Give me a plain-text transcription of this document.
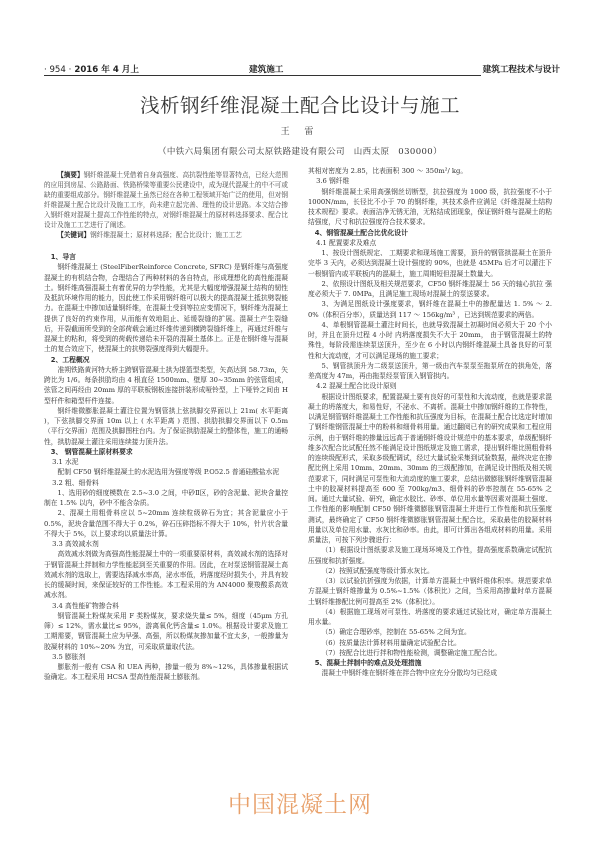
· 954 · 2016 年 4 月上	建筑施工	建筑工程技术与设计
浅析钢纤维混凝土配合比设计与施工
王 雷
（中铁六局集团有限公司太原铁路建设有限公司　山西太原　030000）

【摘要】钢纤维混凝土凭借着自身高强度、高抗裂性能等显著特点，已经大范围的应用到房屋、公路路面、铁路桥梁等重要公民建设中，成为现代混凝土的中不可或缺的重要组成部分。钢纤维混凝土虽然已经在各种工程领域开始广泛的使用，但对钢纤维混凝土配合比设计及施工工序，尚未建立起完善、理性的设计思路。本文结合掺入钢纤维对混凝土提高工作性能的特点，对钢纤维混凝土的原材料选择要求、配合比设计及施工工艺进行了阐述。
【关键词】钢纤维混凝土；原材料选择；配合比设计；施工工艺

1、导言

钢纤维混凝土 (SteelFiberReinforce Concrete, SFRC) 是钢纤维与高强度混凝土的有机结合物，合理结合了两种材料的各自特点，形成理想化的高性能混凝土。钢纤维高强混凝土有着优异的力学性能，尤其是大幅度增强混凝土结构的韧性及抵抗环境作用的能力，因此使工作采用钢纤维可以极大的提高混凝土抵抗劈裂能力。在混凝土中掺加适量钢纤维，在混凝土受到等拉应变情况下，钢纤维为混凝土提供了良好的约束作用，从而能有效地阻止、延缓裂缝的扩展。混凝土产生裂缝后，开裂截面所受到的全部荷载会通过纤维传递到横跨裂缝纤维上，再通过纤维与混凝土的粘和，将受到的荷载传递给未开裂的混凝土基体上。正是在钢纤维与混凝土的复合效应下，使混凝土的抗劈裂强度得到大幅提升。

2、工程概况

准朔铁路黄河特大桥主跨钢管混凝土拱为提篮型类型，矢高达到 58.73m，矢跨比为 1/6。每条拱肋均由 4 根直径 1500mm、壁厚 30~35mm 的弦管组成，弦管之间再经由 20mm 厚的平联板钢板连接拼装形成哑铃型，上下哑铃之间由 H 型杆件和箱型杆件连接。

钢纤维微膨胀混凝土灌注位置为钢管拱上弦拱脚交界面以上 21m( 水平距离 )，下弦拱脚交界面 10m 以上 ( 水平距离 ) 范围、拱肋拱脚交界面以下 0.5m（平行交界面）范围及拱脚图柱台内。为了保证拱肋混凝土的整体性，施工的通畅性，拱肋混凝土灌注采用连续接力顶升法。

3、 钢管混凝土原材料要求
3.1 水泥

配制 CF50 钢纤维混凝土的水泥选用为强度等级 P.O52.5 普通硅酸盐水泥

3.2 粗、细骨料

1、选用砂的细度模数在 2.5~3.0 之间，中砂Ⅱ区，砂的含泥量、泥块含量控制在 1.5% 以内，砂中不能含杂质。

2、混凝土用粗骨料应以 5~20mm 连续粒级碎石为宜；其含泥量应小于 0.5%，泥块含量范围不得大于 0.2%，碎石压碎指标不得大于 10%，针片状含量不得大于 5%，以上要求均以质量法计算。

3.3 高效减水剂

高效减水剂做为高强高性能混凝土中的一项重要原材料，高效减水剂的选择对于钢管混凝土拌制和力学性能起到至关重要的作用。因此，在对泵送钢管混凝土高效减水剂的选取上，需要选择减水率高，泌水率低，坍落度经时损失小，并具有较长的缓凝时间，来保证较好的工作性能。本工程采用的为 AN4000 聚羧酸系高效减水剂。

3.4 高性能矿物掺合料

钢管混凝土粉煤灰采用 F 类粉煤灰，要求烧失量≤ 5%，细度（45μm 方孔筛）≤ 12%，需水量比≤ 95%，游离氧化钙含量≤ 1.0%。根据设计要求及施工工期需要，钢管混凝土应为早强、高强，所以粉煤灰掺加量不宜太多，一般掺量为胶凝材料的 10%~20% 为宜，可采取质量取代法。

3.5 膨胀剂

膨胀剂一般有 CSA 和 UEA 两种，掺量一般为 8%~12%，具体掺量根据试验确定。本工程采用 HCSA 型高性能混凝土膨胀剂。

其相对密度为 2.85，比表面积 300 ～ 350m²/ kg。

3.6 钢纤维

钢纤维混凝土采用高强钢丝切断型，抗拉强度为 1000 级，抗拉强度不小于 1000N/mm，长径比不小于 70 的钢纤维，其技术条件应满足《纤维混凝土结构技术规程》要求。表面洁净无锈无油，无粘结成团现象，保证钢纤维与混凝土的粘结强度，尺寸和抗拉强度符合技术要求。

4、钢管混凝土配合比优化设计
4.1 配置要求及难点

1、按设计图纸规定、 工期要求和现场施工需要，顶升的钢管拱混凝土在顶升完毕 3 天内，必须达到混凝土设计强度的 90%，也就是 45MPa 后才可以灌注下一根钢管内或平联板内的混凝土，施工周期短但混凝土数量大。

2、依照设计图纸及相关规范要求，CF50 钢纤维混凝土 56 天的轴心抗拉 强度必须大于 7. 0MPa，且满足施工现场对混凝土的泵送要求。

3、为满足图纸设计强度要求，钢纤维在混凝土中的掺配量达 1. 5% ～ 2. 0%（体积百分率），质量达到 117 ～ 156kg/m³ ，已达到规范要求的两倍。

4、单根钢管混凝土灌注时间长，也就导致混凝土初凝时间必须大于 20 个小时，并且在顶升过程 4 小时 内坍落度损失不大于 20mm， 由于钢管混凝土的特殊性，每阶段需连续泵送顶升，至少在 6 小时以内钢纤维混凝土具备良好的可泵性和大流动度，才可以满足现场的施工要求；

5、钢管拱顶升为二级泵送顶升，第一级由汽车泵泵至拖泵所在的拱角处，落差高度为 47m，再由拖泵经泵管顶入钢管拱内。

4.2 混凝土配合比设计原则

根据设计图纸要求，配置混凝土要有良好的可泵性和大流动度，也就是要求混凝土的坍落度大，和易性好，不泌水、不离析。混凝土中掺加钢纤维的工作特性，以满足钢管钢纤维混凝土工作性能和抗压强度为目标，在混凝土配合比选定时增加了钢纤维钢管混凝土中的粉料和细骨料用量。通过翻阅已有的研究成果和工程应用示例，由于钢纤维的掺量远远高于普通钢纤维设计规范中的基本要求，单级配钢纤维多次配合比试配任然不能满足设计图纸规定及施工需求，提出钢纤维比照粗骨料的连续级配形式，采取多级配调试，经过大量试验采集到试验数据，最终决定在掺配比例上采用 10mm、20mm、30mm 的三级配掺加，在满足设计图纸及相关规范要求下，同时满足可泵性和大流动度的施工要求，总结出微膨胀钢纤维钢管混凝土中的胶凝材料提高至 600 至 700kg/m3、细骨料的砂率控制在 55-65% 之间。通过大量试验、研究，确定水胶比、砂率、单位用水量等因素对混凝土强度、工作性能的影响配制 CF50 钢纤维微膨胀钢管混凝土并进行工作性能和抗压强度测试，最终确定了 CF50 钢纤维微膨胀钢管混凝土配合比，采取最佳的胶凝材料用量以及单位用水量、水灰比和砂率。由此，即可计算出各组成材料的用量。采用质量法，可按下列步骤进行：

（1）根据设计图纸要求及施工现场环境及工作性，提高强度系数确定试配抗压强度和抗折强度。

（2）按照试配强度等级计算水灰比。

（3）以试验抗折强度为依据，计算单方混凝土中钢纤维体积率。规范要求单方混凝土钢纤维掺量为 0.5%~1.5%（体积比）之间，当采用高掺量时单方混凝土钢纤维掺配比例可提高至 2%（体积比）。

（4）根据施工现场对可泵性、坍落度的要求通过试验比对，确定单方混凝土用水量。

（5）确定合理砂率，控制在 55-65% 之间为宜。

（6）按质量法计算材料用量确定试验配合比。

（7）按配合比进行拌和物性能检测，调整确定施工配合比。

5、混凝土拌制中的难点及处理措施

混凝土中钢纤维在钢纤维在拌合物中应充分分散均匀已经成

中国混凝土网
